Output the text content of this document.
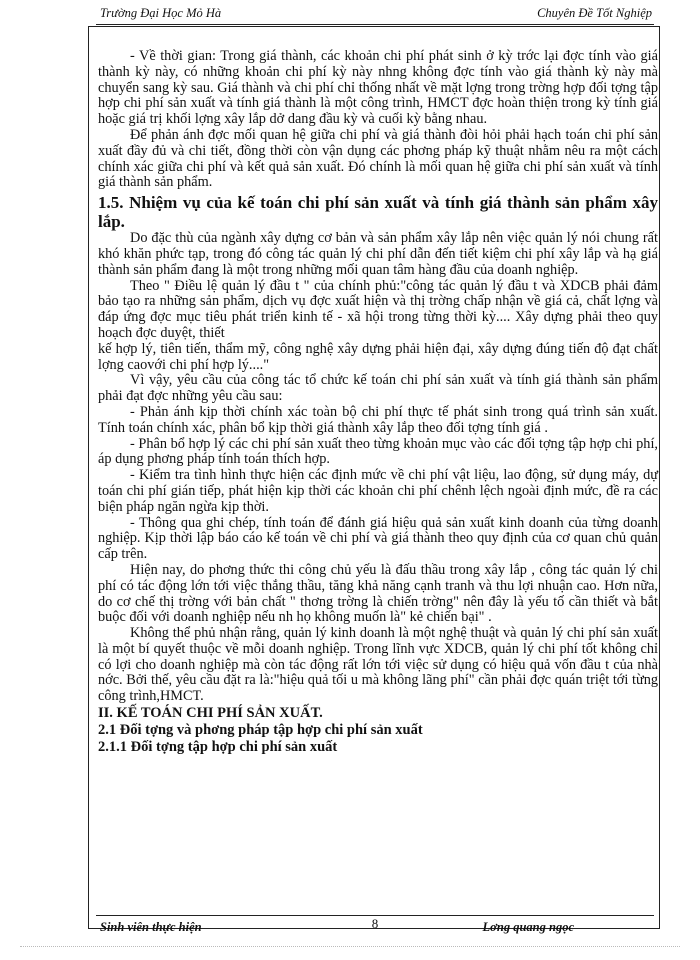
Trường Đại Học Mỏ Hà	Chuyên Đề Tốt Nghiệp

- Về thời gian: Trong giá thành, các khoản chi phí phát sinh ở kỳ trớc lại đợc tính vào giá thành kỳ này, có những khoản chi phí kỳ này nhng không đợc tính vào giá thành kỳ này mà chuyển sang kỳ sau. Giá thành và chi phí chỉ thống nhất về mặt lợng trong trờng hợp đối tợng tập hợp chi phí sản xuất và tính giá thành là một công trình, HMCT đợc hoàn thiện trong kỳ tính giá hoặc giá trị khối lợng xây lắp dở dang đầu kỳ và cuối kỳ bằng nhau.

Để phản ánh đợc mối quan hệ giữa chi phí và giá thành đòi hỏi phải hạch toán chi phí sản xuất đầy đủ và chi tiết, đồng thời còn vận dụng các phơng pháp kỹ thuật nhằm nêu ra một cách chính xác giữa chi phí và kết quả sản xuất. Đó chính là mối quan hệ giữa chi phí sản xuất và tính giá thành sản phẩm.

1.5. Nhiệm vụ của kế toán chi phí sản xuất và tính giá thành sản phẩm xây lắp.

Do đặc thù của ngành xây dựng cơ bản và sản phẩm xây lắp nên việc quản lý nói chung rất khó khăn phức tạp, trong đó công tác quản lý chi phí dẫn đến tiết kiệm chi phí xây lắp và hạ giá thành sản phẩm đang là một trong những mối quan tâm hàng đầu của doanh nghiệp.

Theo " Điều lệ quản lý đầu t " của chính phủ:"công tác quản lý đầu t và XDCB phải đảm bảo tạo ra những sản phẩm, dịch vụ đợc xuất hiện và thị trờng chấp nhận về giá cả, chất lợng và đáp ứng đợc mục tiêu phát triển kinh tế - xã hội trong từng thời kỳ.... Xây dựng phải theo quy hoạch đợc duyệt, thiết

kế hợp lý, tiên tiến, thẩm mỹ, công nghệ xây dựng phải hiện đại, xây dựng đúng tiến độ đạt chất lợng caovới chi phí hợp lý...."

Vì vậy, yêu cầu của công tác tổ chức kế toán chi phí sản xuất và tính giá thành sản phẩm phải đạt đợc những yêu cầu sau:

- Phản ánh kịp thời chính xác toàn bộ chi phí thực tế phát sinh trong quá trình sản xuất. Tính toán chính xác, phân bổ kịp thời giá thành xây lắp theo đối tợng tính giá .

- Phân bổ hợp lý các chi phí sản xuất theo từng khoản mục vào các đối tợng tập hợp chi phí, áp dụng phơng pháp tính toán thích hợp.

- Kiểm tra tình hình thực hiện các định mức về chi phí vật liệu, lao động, sử dụng máy, dự toán chi phí gián tiếp, phát hiện kịp thời các khoản chi phí chênh lệch ngoài định mức, đề ra các biện pháp ngăn ngừa kịp thời.

- Thông qua ghi chép, tính toán để đánh giá hiệu quả sản xuất kinh doanh của từng doanh nghiệp. Kịp thời lập báo cáo kế toán về chi phí và giá thành theo quy định của cơ quan chủ quản cấp trên.

Hiện nay, do phơng thức thi công chủ yếu là đấu thầu trong xây lắp , công tác quản lý chi phí có tác động lớn tới việc thắng thầu, tăng khả năng cạnh tranh và thu lợi nhuận cao. Hơn nữa, do cơ chế thị trờng với bản chất " thơng trờng là chiến trờng" nên đây là yếu tố cần thiết và bắt buộc đối với doanh nghiệp nếu nh họ không muốn là" kẻ chiến bại" .

Không thể phủ nhận rằng, quản lý kinh doanh là một nghệ thuật và quản lý chi phí sản xuất là một bí quyết thuộc về mỗi doanh nghiệp. Trong lĩnh vực XDCB, quản lý chi phí tốt không chỉ có lợi cho doanh nghiệp mà còn tác động rất lớn tới việc sử dụng có hiệu quả vốn đầu t của nhà nớc. Bởi thế, yêu cầu đặt ra là:"hiệu quả tối u mà không lãng phí" cần phải đợc quán triệt tới từng công trình,HMCT.

II. KẾ TOÁN CHI PHÍ SẢN XUẤT.

2.1 Đối tợng và phơng pháp tập hợp chi phí sản xuất

2.1.1 Đối tợng tập hợp chi phí sản xuất

Sinh viên thực hiện	8	Lơng quang ngọc
